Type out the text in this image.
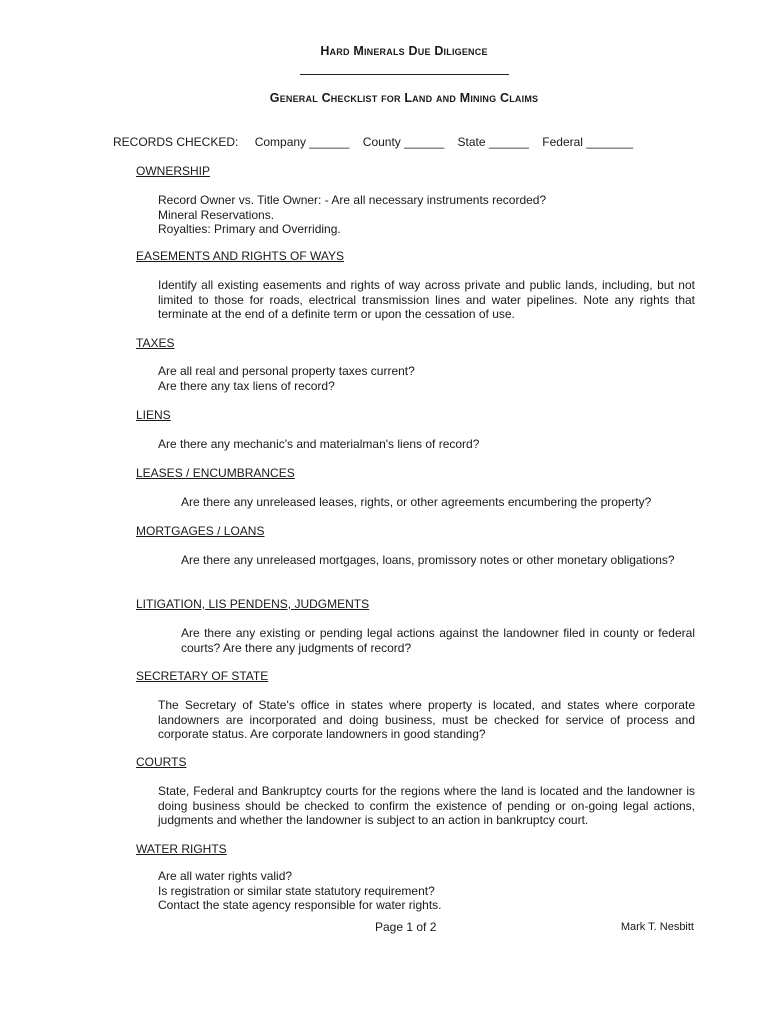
Hard Minerals Due Diligence
General Checklist for Land and Mining Claims
RECORDS CHECKED: Company ______ County ______ State ______ Federal _______
OWNERSHIP

Record Owner vs. Title Owner: - Are all necessary instruments recorded?

Mineral Reservations.

Royalties: Primary and Overriding.

EASEMENTS AND RIGHTS OF WAYS

Identify all existing easements and rights of way across private and public lands, including, but not limited to those for roads, electrical transmission lines and water pipelines. Note any rights that terminate at the end of a definite term or upon the cessation of use.

TAXES

Are all real and personal property taxes current?

Are there any tax liens of record?

LIENS

Are there any mechanic's and materialman's liens of record?

LEASES / ENCUMBRANCES

Are there any unreleased leases, rights, or other agreements encumbering the property?

MORTGAGES / LOANS

Are there any unreleased mortgages, loans, promissory notes or other monetary obligations?

LITIGATION, LIS PENDENS, JUDGMENTS

Are there any existing or pending legal actions against the landowner filed in county or federal courts? Are there any judgments of record?

SECRETARY OF STATE

The Secretary of State's office in states where property is located, and states where corporate landowners are incorporated and doing business, must be checked for service of process and corporate status. Are corporate landowners in good standing?

COURTS

State, Federal and Bankruptcy courts for the regions where the land is located and the landowner is doing business should be checked to confirm the existence of pending or on-going legal actions, judgments and whether the landowner is subject to an action in bankruptcy court.

WATER RIGHTS

Are all water rights valid?

Is registration or similar state statutory requirement?

Contact the state agency responsible for water rights.

Page 1 of 2	Mark T. Nesbitt
